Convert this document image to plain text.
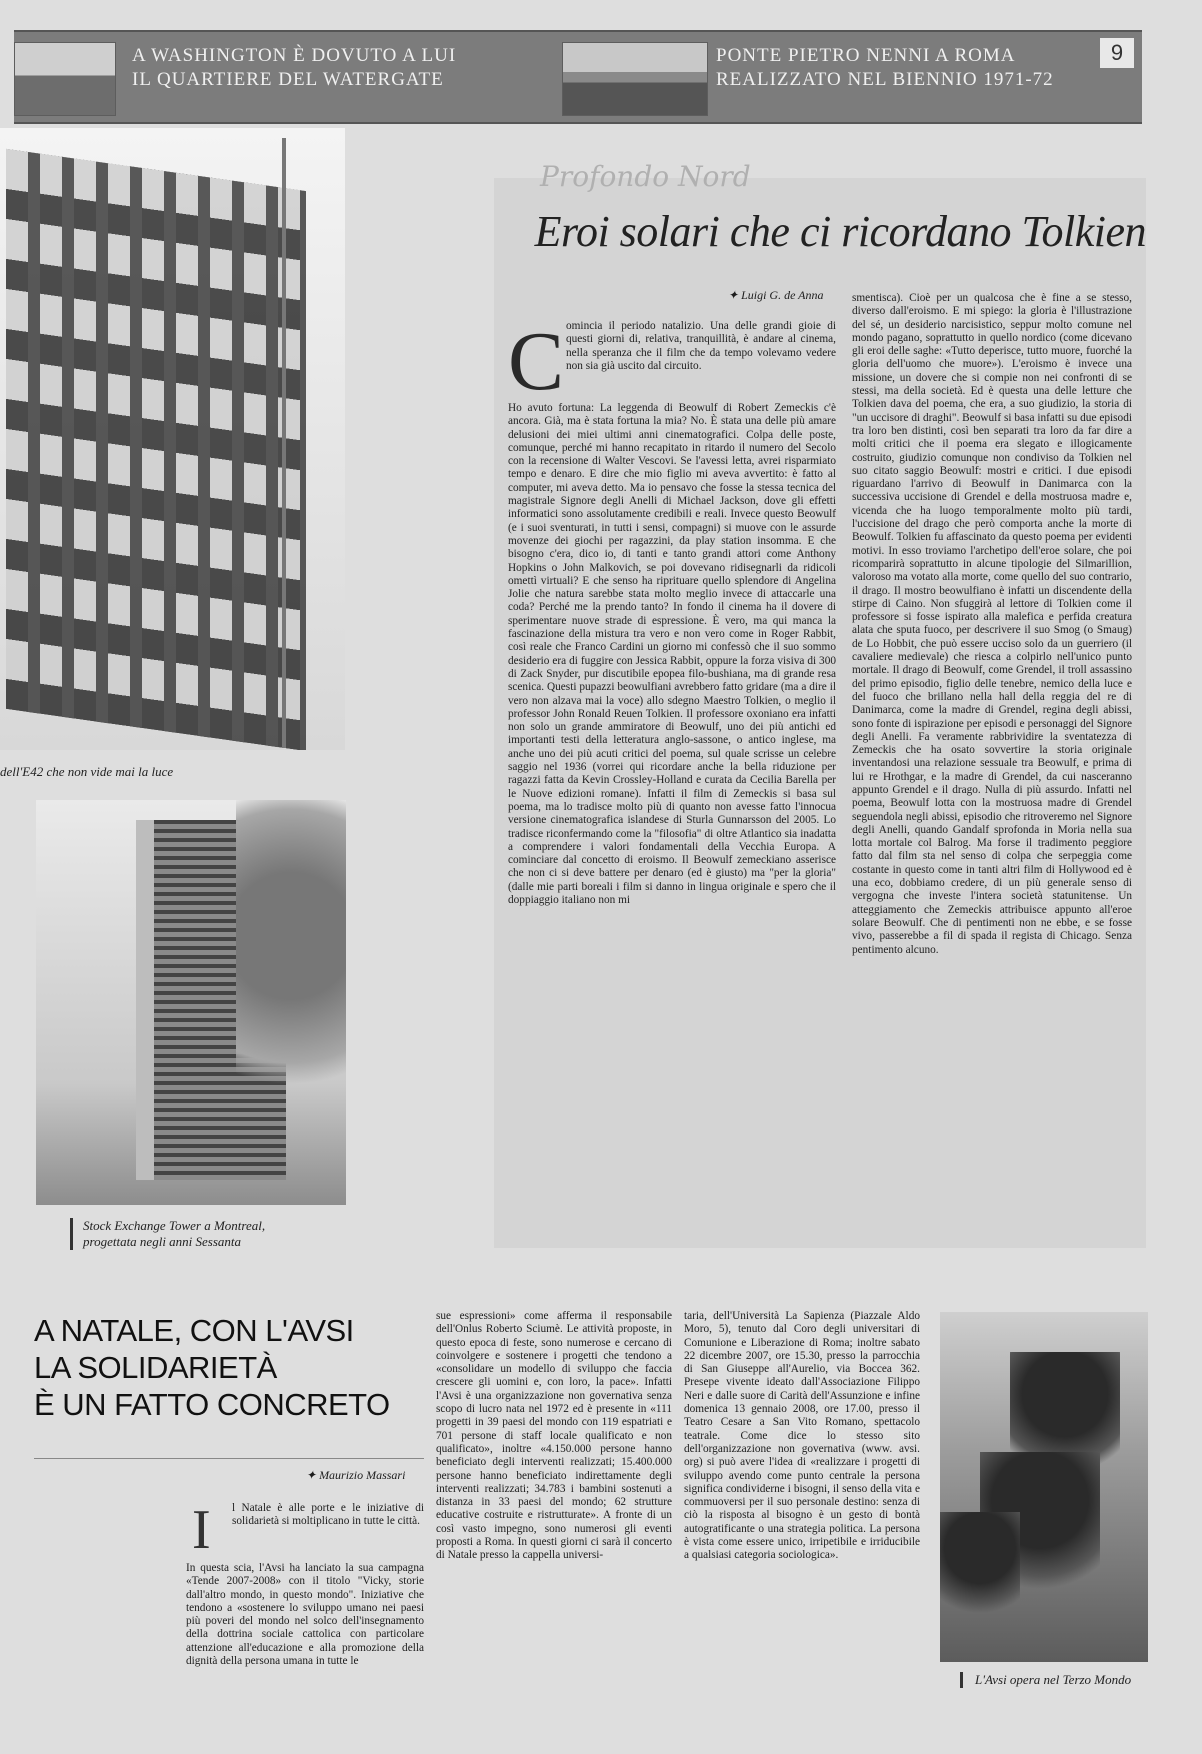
A WASHINGTON È DOVUTO A LUI
IL QUARTIERE DEL WATERGATE
PONTE PIETRO NENNI A ROMA
REALIZZATO NEL BIENNIO 1971-72
9
dell'E42 che non vide mai la luce
Stock Exchange Tower a Montreal, progettata negli anni Sessanta
Profondo Nord
Eroi solari che ci ricordano Tolkien
✦ Luigi G. de Anna
C omincia il periodo natalizio. Una delle grandi gioie di questi giorni di, relativa, tranquillità, è andare al cinema, nella speranza che il film che da tempo volevamo vedere non sia già uscito dal circuito.
Ho avuto fortuna: La leggenda di Beowulf di Robert Zemeckis c'è ancora. Già, ma è stata fortuna la mia? No. È stata una delle più amare delusioni dei miei ultimi anni cinematografici. Colpa delle poste, comunque, perché mi hanno recapitato in ritardo il numero del Secolo con la recensione di Walter Vescovi. Se l'avessi letta, avrei risparmiato tempo e denaro. E dire che mio figlio mi aveva avvertito: è fatto al computer, mi aveva detto. Ma io pensavo che fosse la stessa tecnica del magistrale Signore degli Anelli di Michael Jackson, dove gli effetti informatici sono assolutamente credibili e reali. Invece questo Beowulf (e i suoi sventurati, in tutti i sensi, compagni) si muove con le assurde movenze dei giochi per ragazzini, da play station insomma. E che bisogno c'era, dico io, di tanti e tanto grandi attori come Anthony Hopkins o John Malkovich, se poi dovevano ridisegnarli da ridicoli omettì virtuali? E che senso ha riprituare quello splendore di Angelina Jolie che natura sarebbe stata molto meglio invece di attaccarle una coda? Perché me la prendo tanto? In fondo il cinema ha il dovere di sperimentare nuove strade di espressione. È vero, ma qui manca la fascinazione della mistura tra vero e non vero come in Roger Rabbit, così reale che Franco Cardini un giorno mi confessò che il suo sommo desiderio era di fuggire con Jessica Rabbit, oppure la forza visiva di 300 di Zack Snyder, pur discutibile epopea filo-bushiana, ma di grande resa scenica. Questi pupazzi beowulfiani avrebbero fatto gridare (ma a dire il vero non alzava mai la voce) allo sdegno Maestro Tolkien, o meglio il professor John Ronald Reuen Tolkien. Il professore oxoniano era infatti non solo un grande ammiratore di Beowulf, uno dei più antichi ed importanti testi della letteratura anglo-sassone, o antico inglese, ma anche uno dei più acuti critici del poema, sul quale scrisse un celebre saggio nel 1936 (vorrei qui ricordare anche la bella riduzione per ragazzi fatta da Kevin Crossley-Holland e curata da Cecilia Barella per le Nuove edizioni romane). Infatti il film di Zemeckis si basa sul poema, ma lo tradisce molto più di quanto non avesse fatto l'innocua versione cinematografica islandese di Sturla Gunnarsson del 2005. Lo tradisce riconfermando come la "filosofia" di oltre Atlantico sia inadatta a comprendere i valori fondamentali della Vecchia Europa. A cominciare dal concetto di eroismo. Il Beowulf zemeckiano asserisce che non ci si deve battere per denaro (ed è giusto) ma "per la gloria" (dalle mie parti boreali i film si danno in lingua originale e spero che il doppiaggio italiano non mi
smentisca). Cioè per un qualcosa che è fine a se stesso, diverso dall'eroismo. E mi spiego: la gloria è l'illustrazione del sé, un desiderio narcisistico, seppur molto comune nel mondo pagano, soprattutto in quello nordico (come dicevano gli eroi delle saghe: «Tutto deperisce, tutto muore, fuorché la gloria dell'uomo che muore»). L'eroismo è invece una missione, un dovere che si compie non nei confronti di se stessi, ma della società. Ed è questa una delle letture che Tolkien dava del poema, che era, a suo giudizio, la storia di "un uccisore di draghi". Beowulf si basa infatti su due episodi tra loro ben distinti, così ben separati tra loro da far dire a molti critici che il poema era slegato e illogicamente costruito, giudizio comunque non condiviso da Tolkien nel suo citato saggio Beowulf: mostri e critici. I due episodi riguardano l'arrivo di Beowulf in Danimarca con la successiva uccisione di Grendel e della mostruosa madre e, vicenda che ha luogo temporalmente molto più tardi, l'uccisione del drago che però comporta anche la morte di Beowulf. Tolkien fu affascinato da questo poema per evidenti motivi. In esso troviamo l'archetipo dell'eroe solare, che poi ricomparirà soprattutto in alcune tipologie del Silmarillion, valoroso ma votato alla morte, come quello del suo contrario, il drago. Il mostro beowulfiano è infatti un discendente della stirpe di Caino. Non sfuggirà al lettore di Tolkien come il professore si fosse ispirato alla malefica e perfida creatura alata che sputa fuoco, per descrivere il suo Smog (o Smaug) de Lo Hobbit, che può essere ucciso solo da un guerriero (il cavaliere medievale) che riesca a colpirlo nell'unico punto mortale. Il drago di Beowulf, come Grendel, il troll assassino del primo episodio, figlio delle tenebre, nemico della luce e del fuoco che brillano nella hall della reggia del re di Danimarca, come la madre di Grendel, regina degli abissi, sono fonte di ispirazione per episodi e personaggi del Signore degli Anelli. Fa veramente rabbrividire la sventatezza di Zemeckis che ha osato sovvertire la storia originale inventandosi una relazione sessuale tra Beowulf, e prima di lui re Hrothgar, e la madre di Grendel, da cui nasceranno appunto Grendel e il drago. Nulla di più assurdo. Infatti nel poema, Beowulf lotta con la mostruosa madre di Grendel seguendola negli abissi, episodio che ritroveremo nel Signore degli Anelli, quando Gandalf sprofonda in Moria nella sua lotta mortale col Balrog. Ma forse il tradimento peggiore fatto dal film sta nel senso di colpa che serpeggia come costante in questo come in tanti altri film di Hollywood ed è una eco, dobbiamo credere, di un più generale senso di vergogna che investe l'intera società statunitense. Un atteggiamento che Zemeckis attribuisce appunto all'eroe solare Beowulf. Che di pentimenti non ne ebbe, e se fosse vivo, passerebbe a fil di spada il regista di Chicago. Senza pentimento alcuno.
A NATALE, CON L'AVSI
LA SOLIDARIETÀ
È UN FATTO CONCRETO
✦ Maurizio Massari
I l Natale è alle porte e le iniziative di solidarietà si moltiplicano in tutte le città.
In questa scia, l'Avsi ha lanciato la sua campagna «Tende 2007-2008» con il titolo "Vicky, storie dall'altro mondo, in questo mondo". Iniziative che tendono a «sostenere lo sviluppo umano nei paesi più poveri del mondo nel solco dell'insegnamento della dottrina sociale cattolica con particolare attenzione all'educazione e alla promozione della dignità della persona umana in tutte le
sue espressioni» come afferma il responsabile dell'Onlus Roberto Sciumè. Le attività proposte, in questo epoca di feste, sono numerose e cercano di coinvolgere e sostenere i progetti che tendono a «consolidare un modello di sviluppo che faccia crescere gli uomini e, con loro, la pace». Infatti l'Avsi è una organizzazione non governativa senza scopo di lucro nata nel 1972 ed è presente in «111 progetti in 39 paesi del mondo con 119 espatriati e 701 persone di staff locale qualificato e non qualificato», inoltre «4.150.000 persone hanno beneficiato degli interventi realizzati; 15.400.000 persone hanno beneficiato indirettamente degli interventi realizzati; 34.783 i bambini sostenuti a distanza in 33 paesi del mondo; 62 strutture educative costruite e ristrutturate». A fronte di un così vasto impegno, sono numerosi gli eventi proposti a Roma. In questi giorni ci sarà il concerto di Natale presso la cappella universi-
taria, dell'Università La Sapienza (Piazzale Aldo Moro, 5), tenuto dal Coro degli universitari di Comunione e Liberazione di Roma; inoltre sabato 22 dicembre 2007, ore 15.30, presso la parrocchia di San Giuseppe all'Aurelio, via Boccea 362. Presepe vivente ideato dall'Associazione Filippo Neri e dalle suore di Carità dell'Assunzione e infine domenica 13 gennaio 2008, ore 17.00, presso il Teatro Cesare a San Vito Romano, spettacolo teatrale. Come dice lo stesso sito dell'organizzazione non governativa (www. avsi. org) si può avere l'idea di «realizzare i progetti di sviluppo avendo come punto centrale la persona significa condividerne i bisogni, il senso della vita e commuoversi per il suo personale destino: senza di ciò la risposta al bisogno è un gesto di bontà autogratificante o una strategia politica. La persona è vista come essere unico, irripetibile e irriducibile a qualsiasi categoria sociologica».
L'Avsi opera nel Terzo Mondo
